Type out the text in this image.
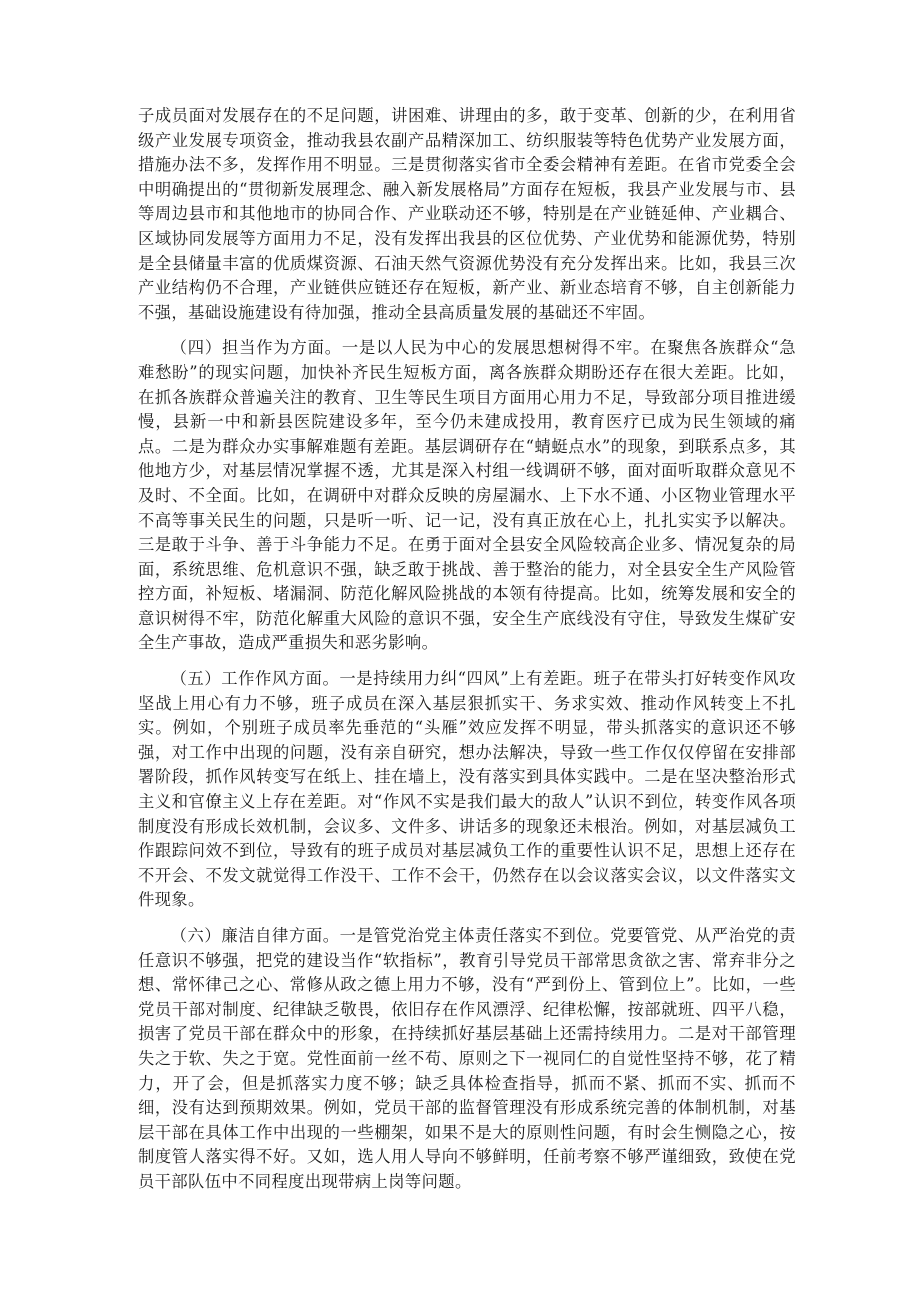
子成员面对发展存在的不足问题，讲困难、讲理由的多，敢于变革、创新的少，在利用省级产业发展专项资金，推动我县农副产品精深加工、纺织服装等特色优势产业发展方面，措施办法不多，发挥作用不明显。三是贯彻落实省市全委会精神有差距。在省市党委全会中明确提出的“贯彻新发展理念、融入新发展格局”方面存在短板，我县产业发展与市、县等周边县市和其他地市的协同合作、产业联动还不够，特别是在产业链延伸、产业耦合、区域协同发展等方面用力不足，没有发挥出我县的区位优势、产业优势和能源优势，特别是全县储量丰富的优质煤资源、石油天然气资源优势没有充分发挥出来。比如，我县三次产业结构仍不合理，产业链供应链还存在短板，新产业、新业态培育不够，自主创新能力不强，基础设施建设有待加强，推动全县高质量发展的基础还不牢固。

（四）担当作为方面。一是以人民为中心的发展思想树得不牢。在聚焦各族群众“急难愁盼”的现实问题，加快补齐民生短板方面，离各族群众期盼还存在很大差距。比如，在抓各族群众普遍关注的教育、卫生等民生项目方面用心用力不足，导致部分项目推进缓慢，县新一中和新县医院建设多年，至今仍未建成投用，教育医疗已成为民生领域的痛点。二是为群众办实事解难题有差距。基层调研存在“蜻蜓点水”的现象，到联系点多，其他地方少，对基层情况掌握不透，尤其是深入村组一线调研不够，面对面听取群众意见不及时、不全面。比如，在调研中对群众反映的房屋漏水、上下水不通、小区物业管理水平不高等事关民生的问题，只是听一听、记一记，没有真正放在心上，扎扎实实予以解决。三是敢于斗争、善于斗争能力不足。在勇于面对全县安全风险较高企业多、情况复杂的局面，系统思维、危机意识不强，缺乏敢于挑战、善于整治的能力，对全县安全生产风险管控方面，补短板、堵漏洞、防范化解风险挑战的本领有待提高。比如，统筹发展和安全的意识树得不牢，防范化解重大风险的意识不强，安全生产底线没有守住，导致发生煤矿安全生产事故，造成严重损失和恶劣影响。

（五）工作作风方面。一是持续用力纠“四风”上有差距。班子在带头打好转变作风攻坚战上用心有力不够，班子成员在深入基层狠抓实干、务求实效、推动作风转变上不扎实。例如，个别班子成员率先垂范的“头雁”效应发挥不明显，带头抓落实的意识还不够强，对工作中出现的问题，没有亲自研究，想办法解决，导致一些工作仅仅停留在安排部署阶段，抓作风转变写在纸上、挂在墙上，没有落实到具体实践中。二是在坚决整治形式主义和官僚主义上存在差距。对“作风不实是我们最大的敌人”认识不到位，转变作风各项制度没有形成长效机制，会议多、文件多、讲话多的现象还未根治。例如，对基层减负工作跟踪问效不到位，导致有的班子成员对基层减负工作的重要性认识不足，思想上还存在不开会、不发文就觉得工作没干、工作不会干，仍然存在以会议落实会议，以文件落实文件现象。

（六）廉洁自律方面。一是管党治党主体责任落实不到位。党要管党、从严治党的责任意识不够强，把党的建设当作“软指标”，教育引导党员干部常思贪欲之害、常弃非分之想、常怀律己之心、常修从政之德上用力不够，没有“严到份上、管到位上”。比如，一些党员干部对制度、纪律缺乏敬畏，依旧存在作风漂浮、纪律松懈，按部就班、四平八稳，损害了党员干部在群众中的形象，在持续抓好基层基础上还需持续用力。二是对干部管理失之于软、失之于宽。党性面前一丝不苟、原则之下一视同仁的自觉性坚持不够，花了精力，开了会，但是抓落实力度不够；缺乏具体检查指导，抓而不紧、抓而不实、抓而不细，没有达到预期效果。例如，党员干部的监督管理没有形成系统完善的体制机制，对基层干部在具体工作中出现的一些棚架，如果不是大的原则性问题，有时会生恻隐之心，按制度管人落实得不好。又如，选人用人导向不够鲜明，任前考察不够严谨细致，致使在党员干部队伍中不同程度出现带病上岗等问题。
